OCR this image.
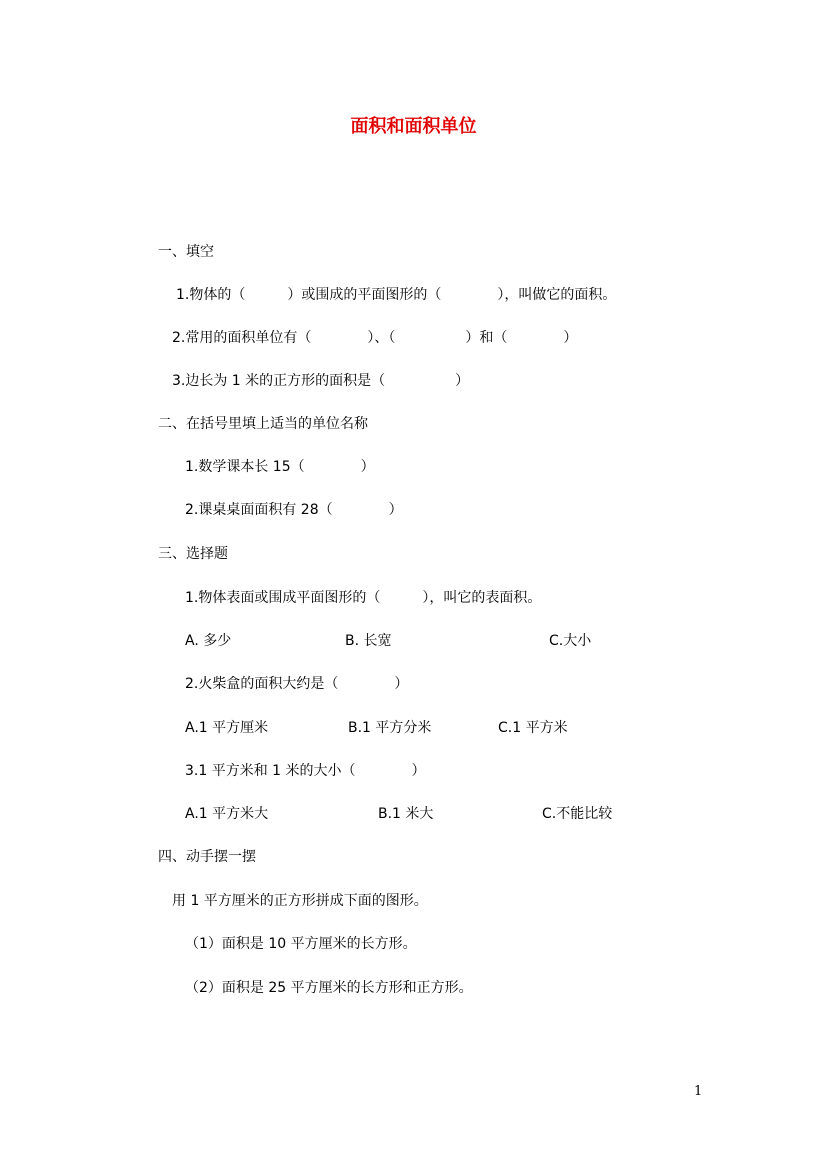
面积和面积单位
一、填空
1.物体的（　　　）或围成的平面图形的（　　　　），叫做它的面积。
2.常用的面积单位有（　　　　）、（　　　　　）和（　　　　）
3.边长为 1 米的正方形的面积是（　　　　　）
二、在括号里填上适当的单位名称
1.数学课本长 15（　　　　）
2.课桌桌面面积有 28（　　　　）
三、选择题
1.物体表面或围成平面图形的（　　　），叫它的表面积。
A. 多少	B. 长宽	C.大小
2.火柴盒的面积大约是（　　　　）
A.1 平方厘米	B.1 平方分米	C.1 平方米
3.1 平方米和 1 米的大小（　　　　）
A.1 平方米大	B.1 米大	C.不能比较
四、动手摆一摆
用 1 平方厘米的正方形拼成下面的图形。
（1）面积是 10 平方厘米的长方形。
（2）面积是 25 平方厘米的长方形和正方形。
1
